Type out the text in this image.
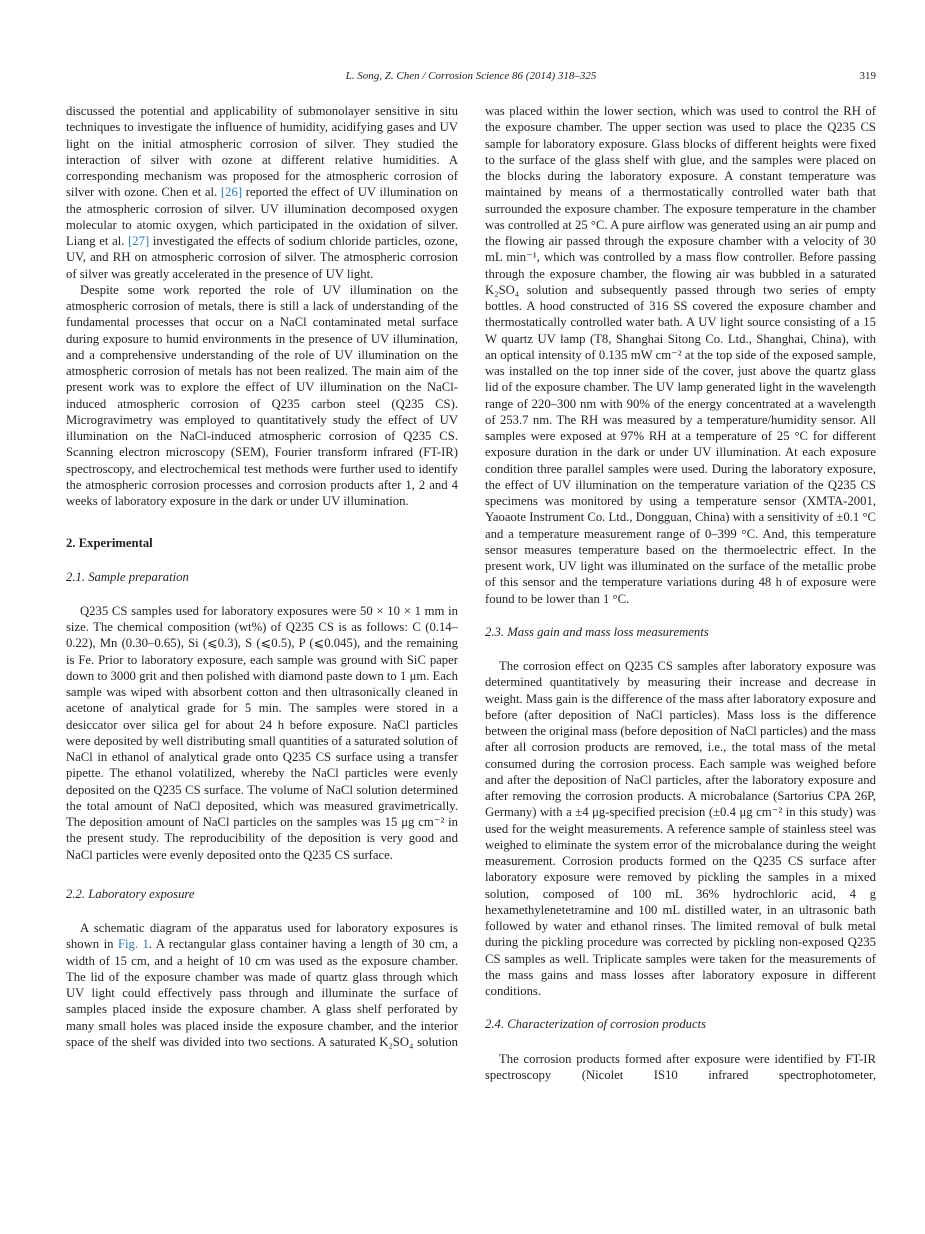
L. Song, Z. Chen / Corrosion Science 86 (2014) 318–325	319

discussed the potential and applicability of submonolayer sensitive in situ techniques to investigate the influence of humidity, acidifying gases and UV light on the initial atmospheric corrosion of silver. They studied the interaction of silver with ozone at different relative humidities. A corresponding mechanism was proposed for the atmospheric corrosion of silver with ozone. Chen et al. [26] reported the effect of UV illumination on the atmospheric corrosion of silver. UV illumination decomposed oxygen molecular to atomic oxygen, which participated in the oxidation of silver. Liang et al. [27] investigated the effects of sodium chloride particles, ozone, UV, and RH on atmospheric corrosion of silver. The atmospheric corrosion of silver was greatly accelerated in the presence of UV light.

Despite some work reported the role of UV illumination on the atmospheric corrosion of metals, there is still a lack of understanding of the fundamental processes that occur on a NaCl contaminated metal surface during exposure to humid environments in the presence of UV illumination, and a comprehensive understanding of the role of UV illumination on the atmospheric corrosion of metals has not been realized. The main aim of the present work was to explore the effect of UV illumination on the NaCl-induced atmospheric corrosion of Q235 carbon steel (Q235 CS). Microgravimetry was employed to quantitatively study the effect of UV illumination on the NaCl-induced atmospheric corrosion of Q235 CS. Scanning electron microscopy (SEM), Fourier transform infrared (FT-IR) spectroscopy, and electrochemical test methods were further used to identify the atmospheric corrosion processes and corrosion products after 1, 2 and 4 weeks of laboratory exposure in the dark or under UV illumination.

2. Experimental
2.1. Sample preparation

Q235 CS samples used for laboratory exposures were 50 × 10 × 1 mm in size. The chemical composition (wt%) of Q235 CS is as follows: C (0.14–0.22), Mn (0.30–0.65), Si (⩽0.3), S (⩽0.5), P (⩽0.045), and the remaining is Fe. Prior to laboratory exposure, each sample was ground with SiC paper down to 3000 grit and then polished with diamond paste down to 1 μm. Each sample was wiped with absorbent cotton and then ultrasonically cleaned in acetone of analytical grade for 5 min. The samples were stored in a desiccator over silica gel for about 24 h before exposure. NaCl particles were deposited by well distributing small quantities of a saturated solution of NaCl in ethanol of analytical grade onto Q235 CS surface using a transfer pipette. The ethanol volatilized, whereby the NaCl particles were evenly deposited on the Q235 CS surface. The volume of NaCl solution determined the total amount of NaCl deposited, which was measured gravimetrically. The deposition amount of NaCl particles on the samples was 15 μg cm⁻² in the present study. The reproducibility of the deposition is very good and NaCl particles were evenly deposited onto the Q235 CS surface.

2.2. Laboratory exposure

A schematic diagram of the apparatus used for laboratory exposures is shown in Fig. 1. A rectangular glass container having a length of 30 cm, a width of 15 cm, and a height of 10 cm was used as the exposure chamber. The lid of the exposure chamber was made of quartz glass through which UV light could effectively pass through and illuminate the surface of samples placed inside the exposure chamber. A glass shelf perforated by many small holes was placed inside the exposure chamber, and the interior space of the shelf was divided into two sections. A saturated K₂SO₄ solution

was placed within the lower section, which was used to control the RH of the exposure chamber. The upper section was used to place the Q235 CS sample for laboratory exposure. Glass blocks of different heights were fixed to the surface of the glass shelf with glue, and the samples were placed on the blocks during the laboratory exposure. A constant temperature was maintained by means of a thermostatically controlled water bath that surrounded the exposure chamber. The exposure temperature in the chamber was controlled at 25 °C. A pure airflow was generated using an air pump and the flowing air passed through the exposure chamber with a velocity of 30 mL min⁻¹, which was controlled by a mass flow controller. Before passing through the exposure chamber, the flowing air was bubbled in a saturated K₂SO₄ solution and subsequently passed through two series of empty bottles. A hood constructed of 316 SS covered the exposure chamber and thermostatically controlled water bath. A UV light source consisting of a 15 W quartz UV lamp (T8, Shanghai Sitong Co. Ltd., Shanghai, China), with an optical intensity of 0.135 mW cm⁻² at the top side of the exposed sample, was installed on the top inner side of the cover, just above the quartz glass lid of the exposure chamber. The UV lamp generated light in the wavelength range of 220–300 nm with 90% of the energy concentrated at a wavelength of 253.7 nm. The RH was measured by a temperature/humidity sensor. All samples were exposed at 97% RH at a temperature of 25 °C for different exposure duration in the dark or under UV illumination. At each exposure condition three parallel samples were used. During the laboratory exposure, the effect of UV illumination on the temperature variation of the Q235 CS specimens was monitored by using a temperature sensor (XMTA-2001, Yaoaote Instrument Co. Ltd., Dongguan, China) with a sensitivity of ±0.1 °C and a temperature measurement range of 0–399 °C. And, this temperature sensor measures temperature based on the thermoelectric effect. In the present work, UV light was illuminated on the surface of the metallic probe of this sensor and the temperature variations during 48 h of exposure were found to be lower than 1 °C.

2.3. Mass gain and mass loss measurements

The corrosion effect on Q235 CS samples after laboratory exposure was determined quantitatively by measuring their increase and decrease in weight. Mass gain is the difference of the mass after laboratory exposure and before (after deposition of NaCl particles). Mass loss is the difference between the original mass (before deposition of NaCl particles) and the mass after all corrosion products are removed, i.e., the total mass of the metal consumed during the corrosion process. Each sample was weighed before and after the deposition of NaCl particles, after the laboratory exposure and after removing the corrosion products. A microbalance (Sartorius CPA 26P, Germany) with a ±4 μg-specified precision (±0.4 μg cm⁻² in this study) was used for the weight measurements. A reference sample of stainless steel was weighed to eliminate the system error of the microbalance during the weight measurement. Corrosion products formed on the Q235 CS surface after laboratory exposure were removed by pickling the samples in a mixed solution, composed of 100 mL 36% hydrochloric acid, 4 g hexamethylenetetramine and 100 mL distilled water, in an ultrasonic bath followed by water and ethanol rinses. The limited removal of bulk metal during the pickling procedure was corrected by pickling non-exposed Q235 CS samples as well. Triplicate samples were taken for the measurements of the mass gains and mass losses after laboratory exposure in different conditions.

2.4. Characterization of corrosion products

The corrosion products formed after exposure were identified by FT-IR spectroscopy (Nicolet IS10 infrared spectrophotometer,
